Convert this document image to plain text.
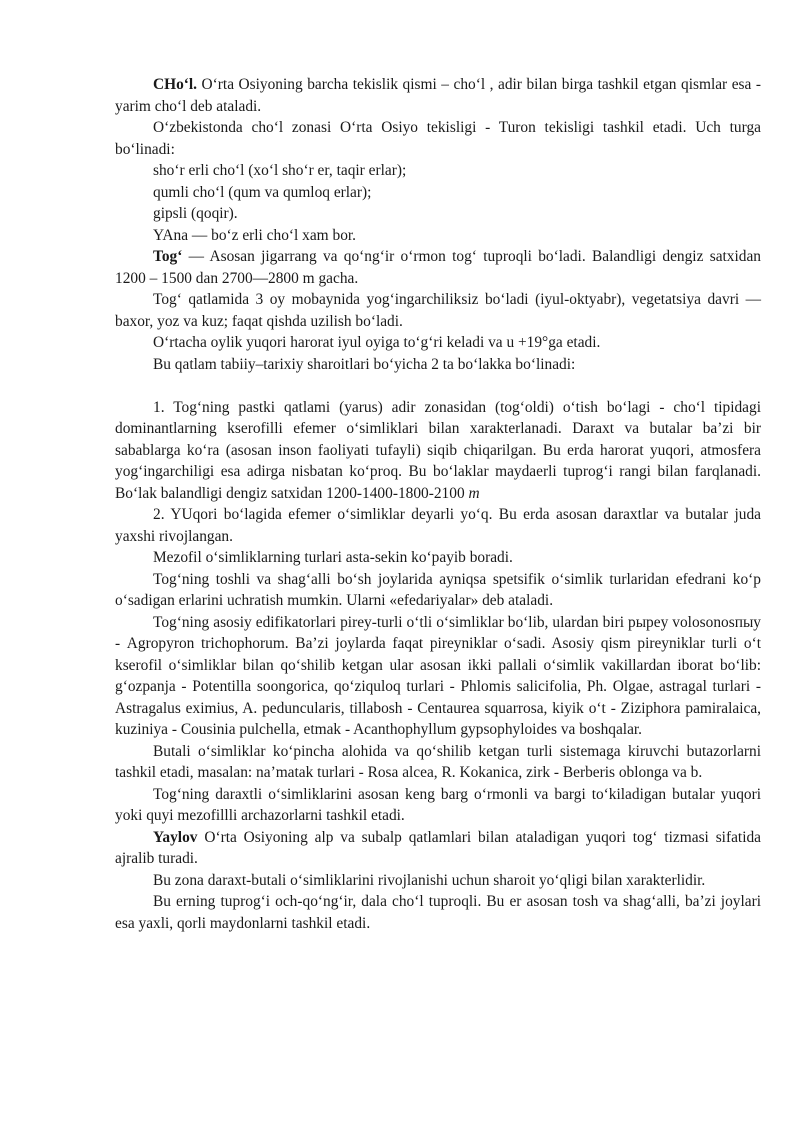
CHo‘l. O‘rta Osiyoning barcha tekislik qismi – cho‘l , adir bilan birga tashkil etgan qismlar esa - yarim cho‘l deb ataladi.

O‘zbekistonda cho‘l zonasi O‘rta Osiyo tekisligi - Turon tekisligi tashkil etadi. Uch turga bo‘linadi:

sho‘r erli cho‘l (xo‘l sho‘r er, taqir erlar);

qumli cho‘l (qum va qumloq erlar);

gipsli (qoqir).

YAna — bo‘z erli cho‘l xam bor.

Tog‘ — Asosan jigarrang va qo‘ng‘ir o‘rmon tog‘ tuproqli bo‘ladi. Balandligi dengiz satxidan 1200 – 1500 dan 2700—2800 m gacha.

Tog‘ qatlamida 3 oy mobaynida yog‘ingarchiliksiz bo‘ladi (iyul-oktyabr), vegetatsiya davri — baxor, yoz va kuz; faqat qishda uzilish bo‘ladi.

O‘rtacha oylik yuqori harorat iyul oyiga to‘g‘ri keladi va u +19°ga etadi.

Bu qatlam tabiiy–tarixiy sharoitlari bo‘yicha 2 ta bo‘lakka bo‘linadi:

1. Tog‘ning pastki qatlami (yarus) adir zonasidan (tog‘oldi) o‘tish bo‘lagi - cho‘l tipidagi dominantlarning kserofilli efemer o‘simliklari bilan xarakterlanadi. Daraxt va butalar ba’zi bir sabablarga ko‘ra (asosan inson faoliyati tufayli) siqib chiqarilgan. Bu erda harorat yuqori, atmosfera yog‘ingarchiligi esa adirga nisbatan ko‘proq. Bu bo‘laklar maydaerli tuprog‘i rangi bilan farqlanadi. Bo‘lak balandligi dengiz satxidan 1200-1400-1800-2100 m

2. YUqori bo‘lagida efemer o‘simliklar deyarli yo‘q. Bu erda asosan daraxtlar va butalar juda yaxshi rivojlangan.

Mezofil o‘simliklarning turlari asta-sekin ko‘payib boradi.

Tog‘ning toshli va shag‘alli bo‘sh joylarida ayniqsa spetsifik o‘simlik turlaridan efedrani ko‘p o‘sadigan erlarini uchratish mumkin. Ularni «efedariyalar» deb ataladi.

Tog‘ning asosiy edifikatorlari pirey-turli o‘tli o‘simliklar bo‘lib, ulardan biri рырey volosonosпыу - Agropyron trichophorum. Ba’zi joylarda faqat pireyniklar o‘sadi. Asosiy qism pireyniklar turli o‘t kserofil o‘simliklar bilan qo‘shilib ketgan ular asosan ikki pallali o‘simlik vakillardan iborat bo‘lib: g‘ozpanja - Potentilla soongorica, qo‘ziquloq turlari - Phlomis salicifolia, Ph. Olgae, astragal turlari - Astragalus eximius, A. peduncularis, tillabosh - Centaurea squarrosa, kiyik o‘t - Ziziphora pamiralaica, kuziniya - Cousinia pulchella, etmak - Acanthophyllum gypsophyloides va boshqalar.

Butali o‘simliklar ko‘pincha alohida va qo‘shilib ketgan turli sistemaga kiruvchi butazorlarni tashkil etadi, masalan: na’matak turlari - Rosa alcea, R. Kokanica, zirk - Berberis oblonga va b.

Tog‘ning daraxtli o‘simliklarini asosan keng barg o‘rmonli va bargi to‘kiladigan butalar yuqori yoki quyi mezofillli archazorlarni tashkil etadi.

Yaylov O‘rta Osiyoning alp va subalp qatlamlari bilan ataladigan yuqori tog‘ tizmasi sifatida ajralib turadi.

Bu zona daraxt-butali o‘simliklarini rivojlanishi uchun sharoit yo‘qligi bilan xarakterlidir.

Bu erning tuprog‘i och-qo‘ng‘ir, dala cho‘l tuproqli. Bu er asosan tosh va shag‘alli, ba’zi joylari esa yaxli, qorli maydonlarni tashkil etadi.
